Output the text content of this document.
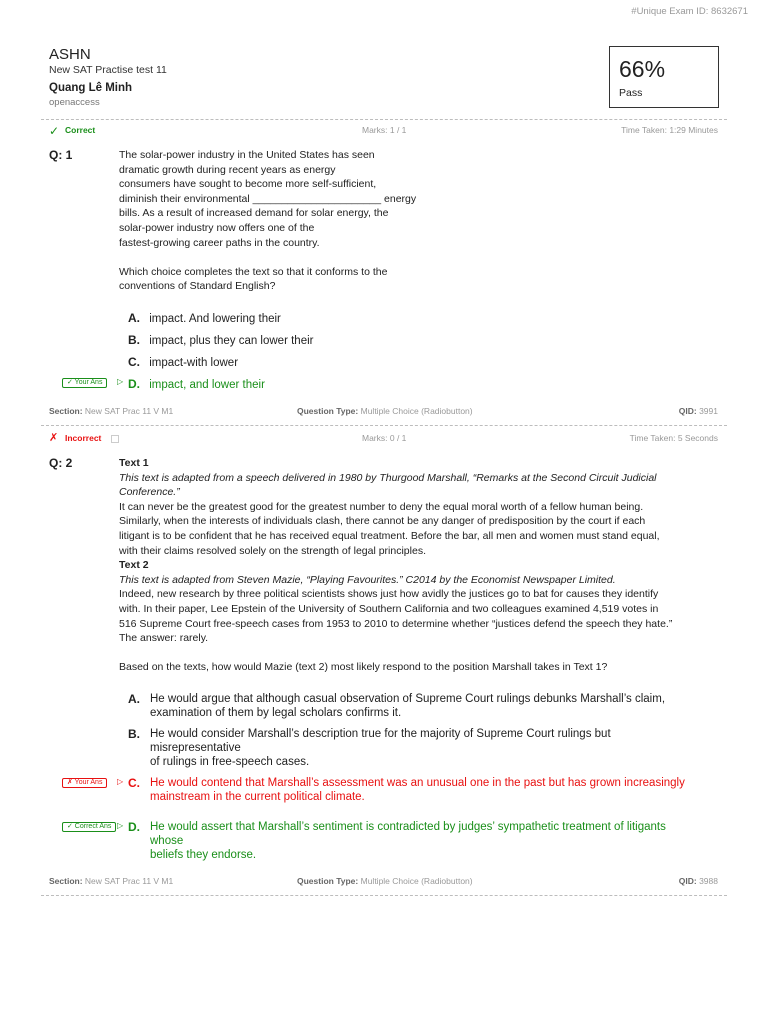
#Unique Exam ID: 8632671
ASHN
New SAT Practise test 11
Quang Lê Minh
openaccess
66%
Pass
✓ Correct	Marks: 1 / 1	Time Taken: 1:29 Minutes
Q: 1	The solar-power industry in the United States has seen
dramatic growth during recent years as energy
consumers have sought to become more self-sufficient,
diminish their environmental ______________________ energy
bills. As a result of increased demand for solar energy, the
solar-power industry now offers one of the
fastest-growing career paths in the country.
Which choice completes the text so that it conforms to the
conventions of Standard English?
A. impact. And lowering their
B. impact, plus they can lower their
C. impact-with lower
✓ Your Ans	▷ D. impact, and lower their
Section: New SAT Prac 11 V M1	Question Type: Multiple Choice (Radiobutton)	QID: 3991
✗ Incorrect	Marks: 0 / 1	Time Taken: 5 Seconds
Q: 2	Text 1
This text is adapted from a speech delivered in 1980 by Thurgood Marshall, “Remarks at the Second Circuit Judicial
Conference.”
It can never be the greatest good for the greatest number to deny the equal moral worth of a fellow human being.
Similarly, when the interests of individuals clash, there cannot be any danger of predisposition by the court if each
litigant is to be confident that he has received equal treatment. Before the bar, all men and women must stand equal,
with their claims resolved solely on the strength of legal principles.
Text 2
This text is adapted from Steven Mazie, “Playing Favourites.” C2014 by the Economist Newspaper Limited.
Indeed, new research by three political scientists shows just how avidly the justices go to bat for causes they identify
with. In their paper, Lee Epstein of the University of Southern California and two colleagues examined 4,519 votes in
516 Supreme Court free-speech cases from 1953 to 2010 to determine whether “justices defend the speech they hate.”
The answer: rarely.
Based on the texts, how would Mazie (text 2) most likely respond to the position Marshall takes in Text 1?
A. He would argue that although casual observation of Supreme Court rulings debunks Marshall’s claim,
examination of them by legal scholars confirms it.
B. He would consider Marshall’s description true for the majority of Supreme Court rulings but
misrepresentative
of rulings in free-speech cases.
✗ Your Ans	▷ C. He would contend that Marshall’s assessment was an unusual one in the past but has grown increasingly
mainstream in the current political climate.
✓ Correct Ans ▷ D. He would assert that Marshall’s sentiment is contradicted by judges’ sympathetic treatment of litigants
whose
beliefs they endorse.
Section: New SAT Prac 11 V M1	Question Type: Multiple Choice (Radiobutton)	QID: 3988
